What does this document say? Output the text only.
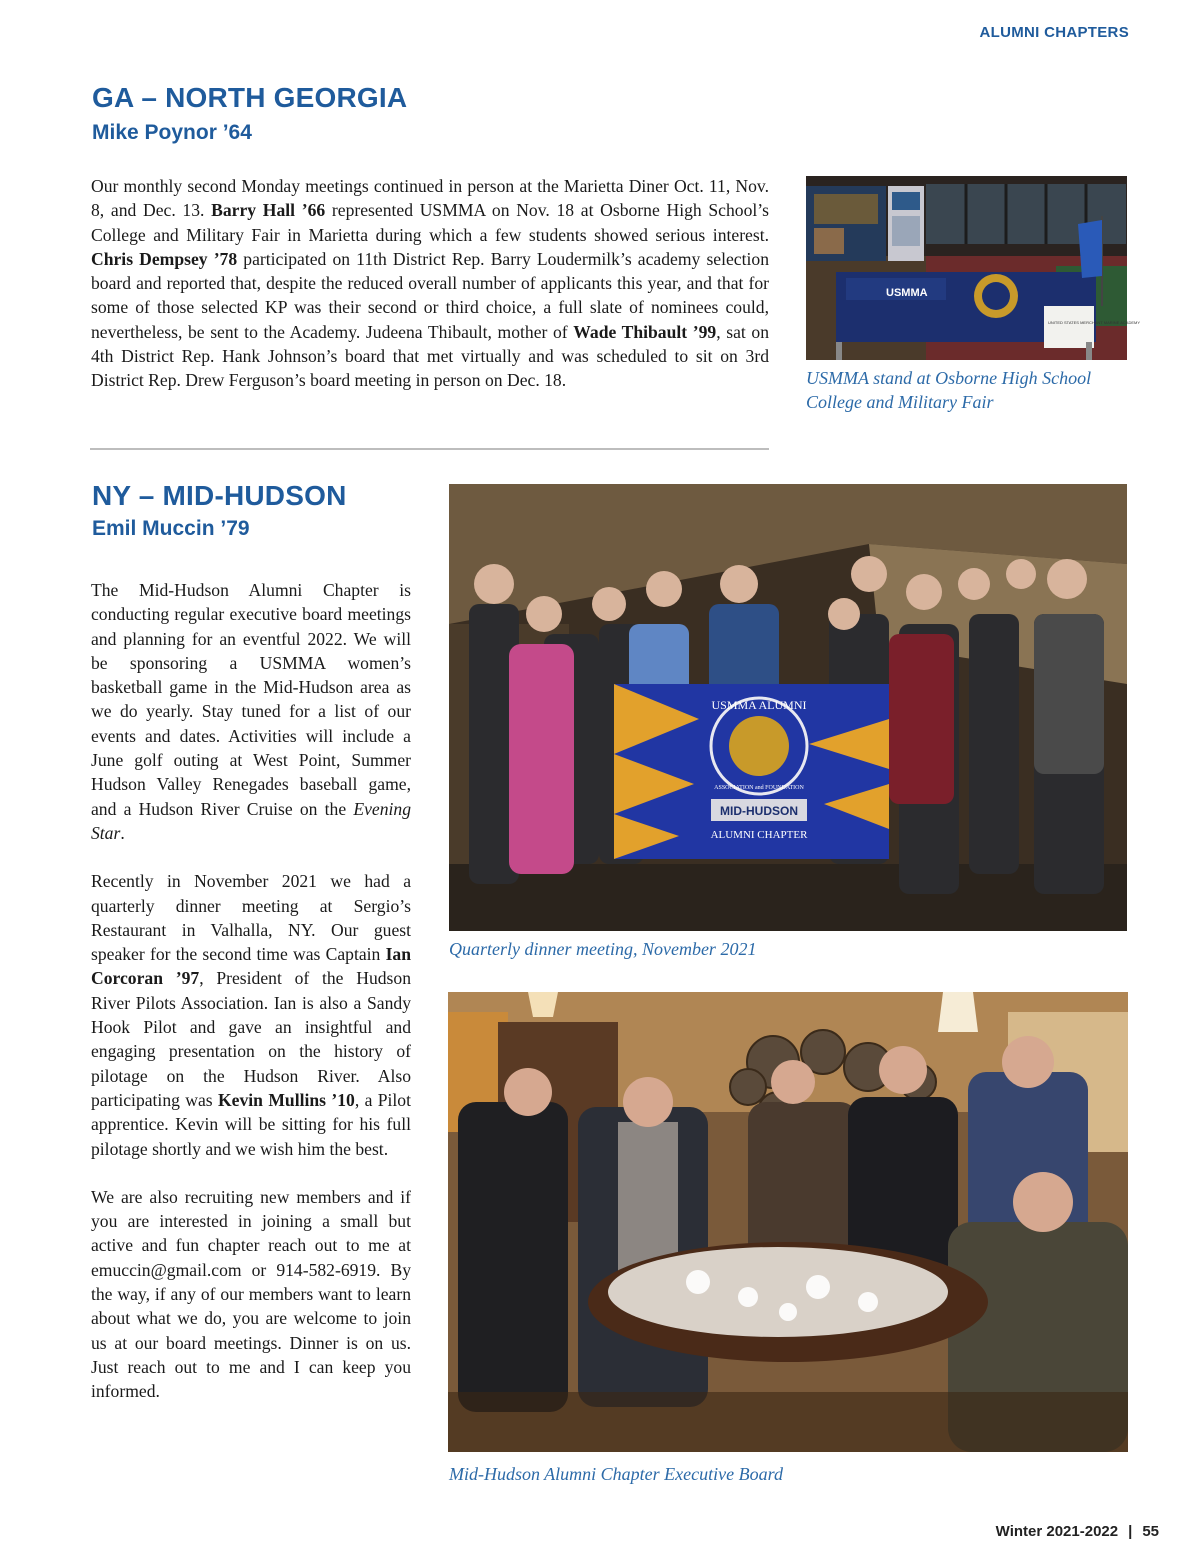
ALUMNI CHAPTERS
GA – NORTH GEORGIA
Mike Poynor ’64

Our monthly second Monday meetings continued in person at the Marietta Diner Oct. 11, Nov. 8, and Dec. 13. Barry Hall ’66 represented USMMA on Nov. 18 at Osborne High School’s College and Military Fair in Marietta during which a few students showed serious interest. Chris Dempsey ’78 participated on 11th District Rep. Barry Loudermilk’s academy selection board and reported that, despite the reduced overall number of applicants this year, and that for some of those selected KP was their second or third choice, a full slate of nominees could, nevertheless, be sent to the Academy. Judeena Thibault, mother of Wade Thibault ’99, sat on 4th District Rep. Hank Johnson’s board that met virtually and was scheduled to sit on 3rd District Rep. Drew Ferguson’s board meeting in person on Dec. 18.

USMMA
UNITED STATES MERCHANT MARINE ACADEMY
USMMA stand at Osborne High School College and Military Fair
NY – MID-HUDSON
Emil Muccin ’79

The Mid-Hudson Alumni Chapter is conducting regular executive board meetings and planning for an eventful 2022. We will be sponsoring a USMMA women’s basketball game in the Mid-Hudson area as we do yearly. Stay tuned for a list of our events and dates. Activities will include a June golf outing at West Point, Summer Hudson Valley Renegades baseball game, and a Hudson River Cruise on the Evening Star.

Recently in November 2021 we had a quarterly dinner meeting at Sergio’s Restaurant in Valhalla, NY. Our guest speaker for the second time was Captain Ian Corcoran ’97, President of the Hudson River Pilots Association. Ian is also a Sandy Hook Pilot and gave an insightful and engaging presentation on the history of pilotage on the Hudson River. Also participating was Kevin Mullins ’10, a Pilot apprentice. Kevin will be sitting for his full pilotage shortly and we wish him the best.

We are also recruiting new members and if you are interested in joining a small but active and fun chapter reach out to me at emuccin@gmail.com or 914-582-6919. By the way, if any of our members want to learn about what we do, you are welcome to join us at our board meetings. Dinner is on us. Just reach out to me and I can keep you informed.

USMMA ALUMNI
ASSOCIATION and FOUNDATION
MID-HUDSON
ALUMNI CHAPTER
Quarterly dinner meeting, November 2021
Mid-Hudson Alumni Chapter Executive Board
Winter 2021-2022 | 55
